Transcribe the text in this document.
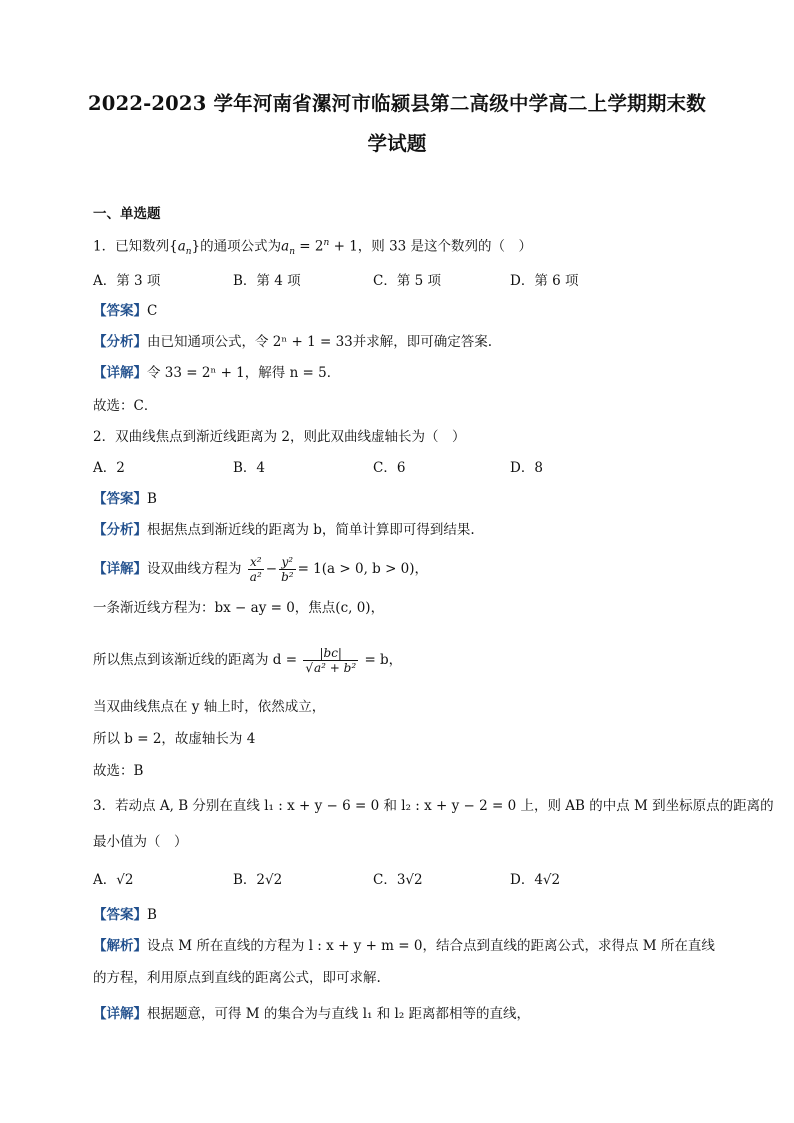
2022-2023 学年河南省漯河市临颍县第二高级中学高二上学期期末数
学试题
一、单选题
1．已知数列$\{a_n\}$的通项公式为$a_n = 2^n + 1$，则 33 是这个数列的（　）
A．第 3 项	B．第 4 项	C．第 5 项	D．第 6 项
【答案】C
【分析】由已知通项公式，令 2ⁿ + 1 = 33并求解，即可确定答案.
【详解】令 33 = 2ⁿ + 1，解得 n = 5．
故选：C．
2．双曲线焦点到渐近线距离为 2，则此双曲线虚轴长为（　）
A．2	B．4	C．6	D．8
【答案】B
【分析】根据焦点到渐近线的距离为 b，简单计算即可得到结果.
【详解】设双曲线方程为 $\frac{\text{x²}}{\text{a²}} - \frac{\text{y²}}{\text{b²}} = 1(a > 0$, b > 0)，
一条渐近线方程为：bx − ay = 0，焦点(c, 0)，
所以焦点到该渐近线的距离为 $d = \frac{|bc|}{\text{√a² + b²}} = b$，
当双曲线焦点在 y 轴上时，依然成立，
所以 b = 2，故虚轴长为 4
故选：B
3．若动点 A, B 分别在直线 l₁ : x + y − 6 = 0 和 l₂ : x + y − 2 = 0 上，则 AB 的中点 M 到坐标原点的距离的
最小值为（　）
A．√2	B．2√2	C．3√2	D．4√2
【答案】B
【解析】设点 M 所在直线的方程为 l : x + y + m = 0，结合点到直线的距离公式，求得点 M 所在直线
的方程，利用原点到直线的距离公式，即可求解.
【详解】根据题意，可得 M 的集合为与直线 l₁ 和 l₂ 距离都相等的直线，
